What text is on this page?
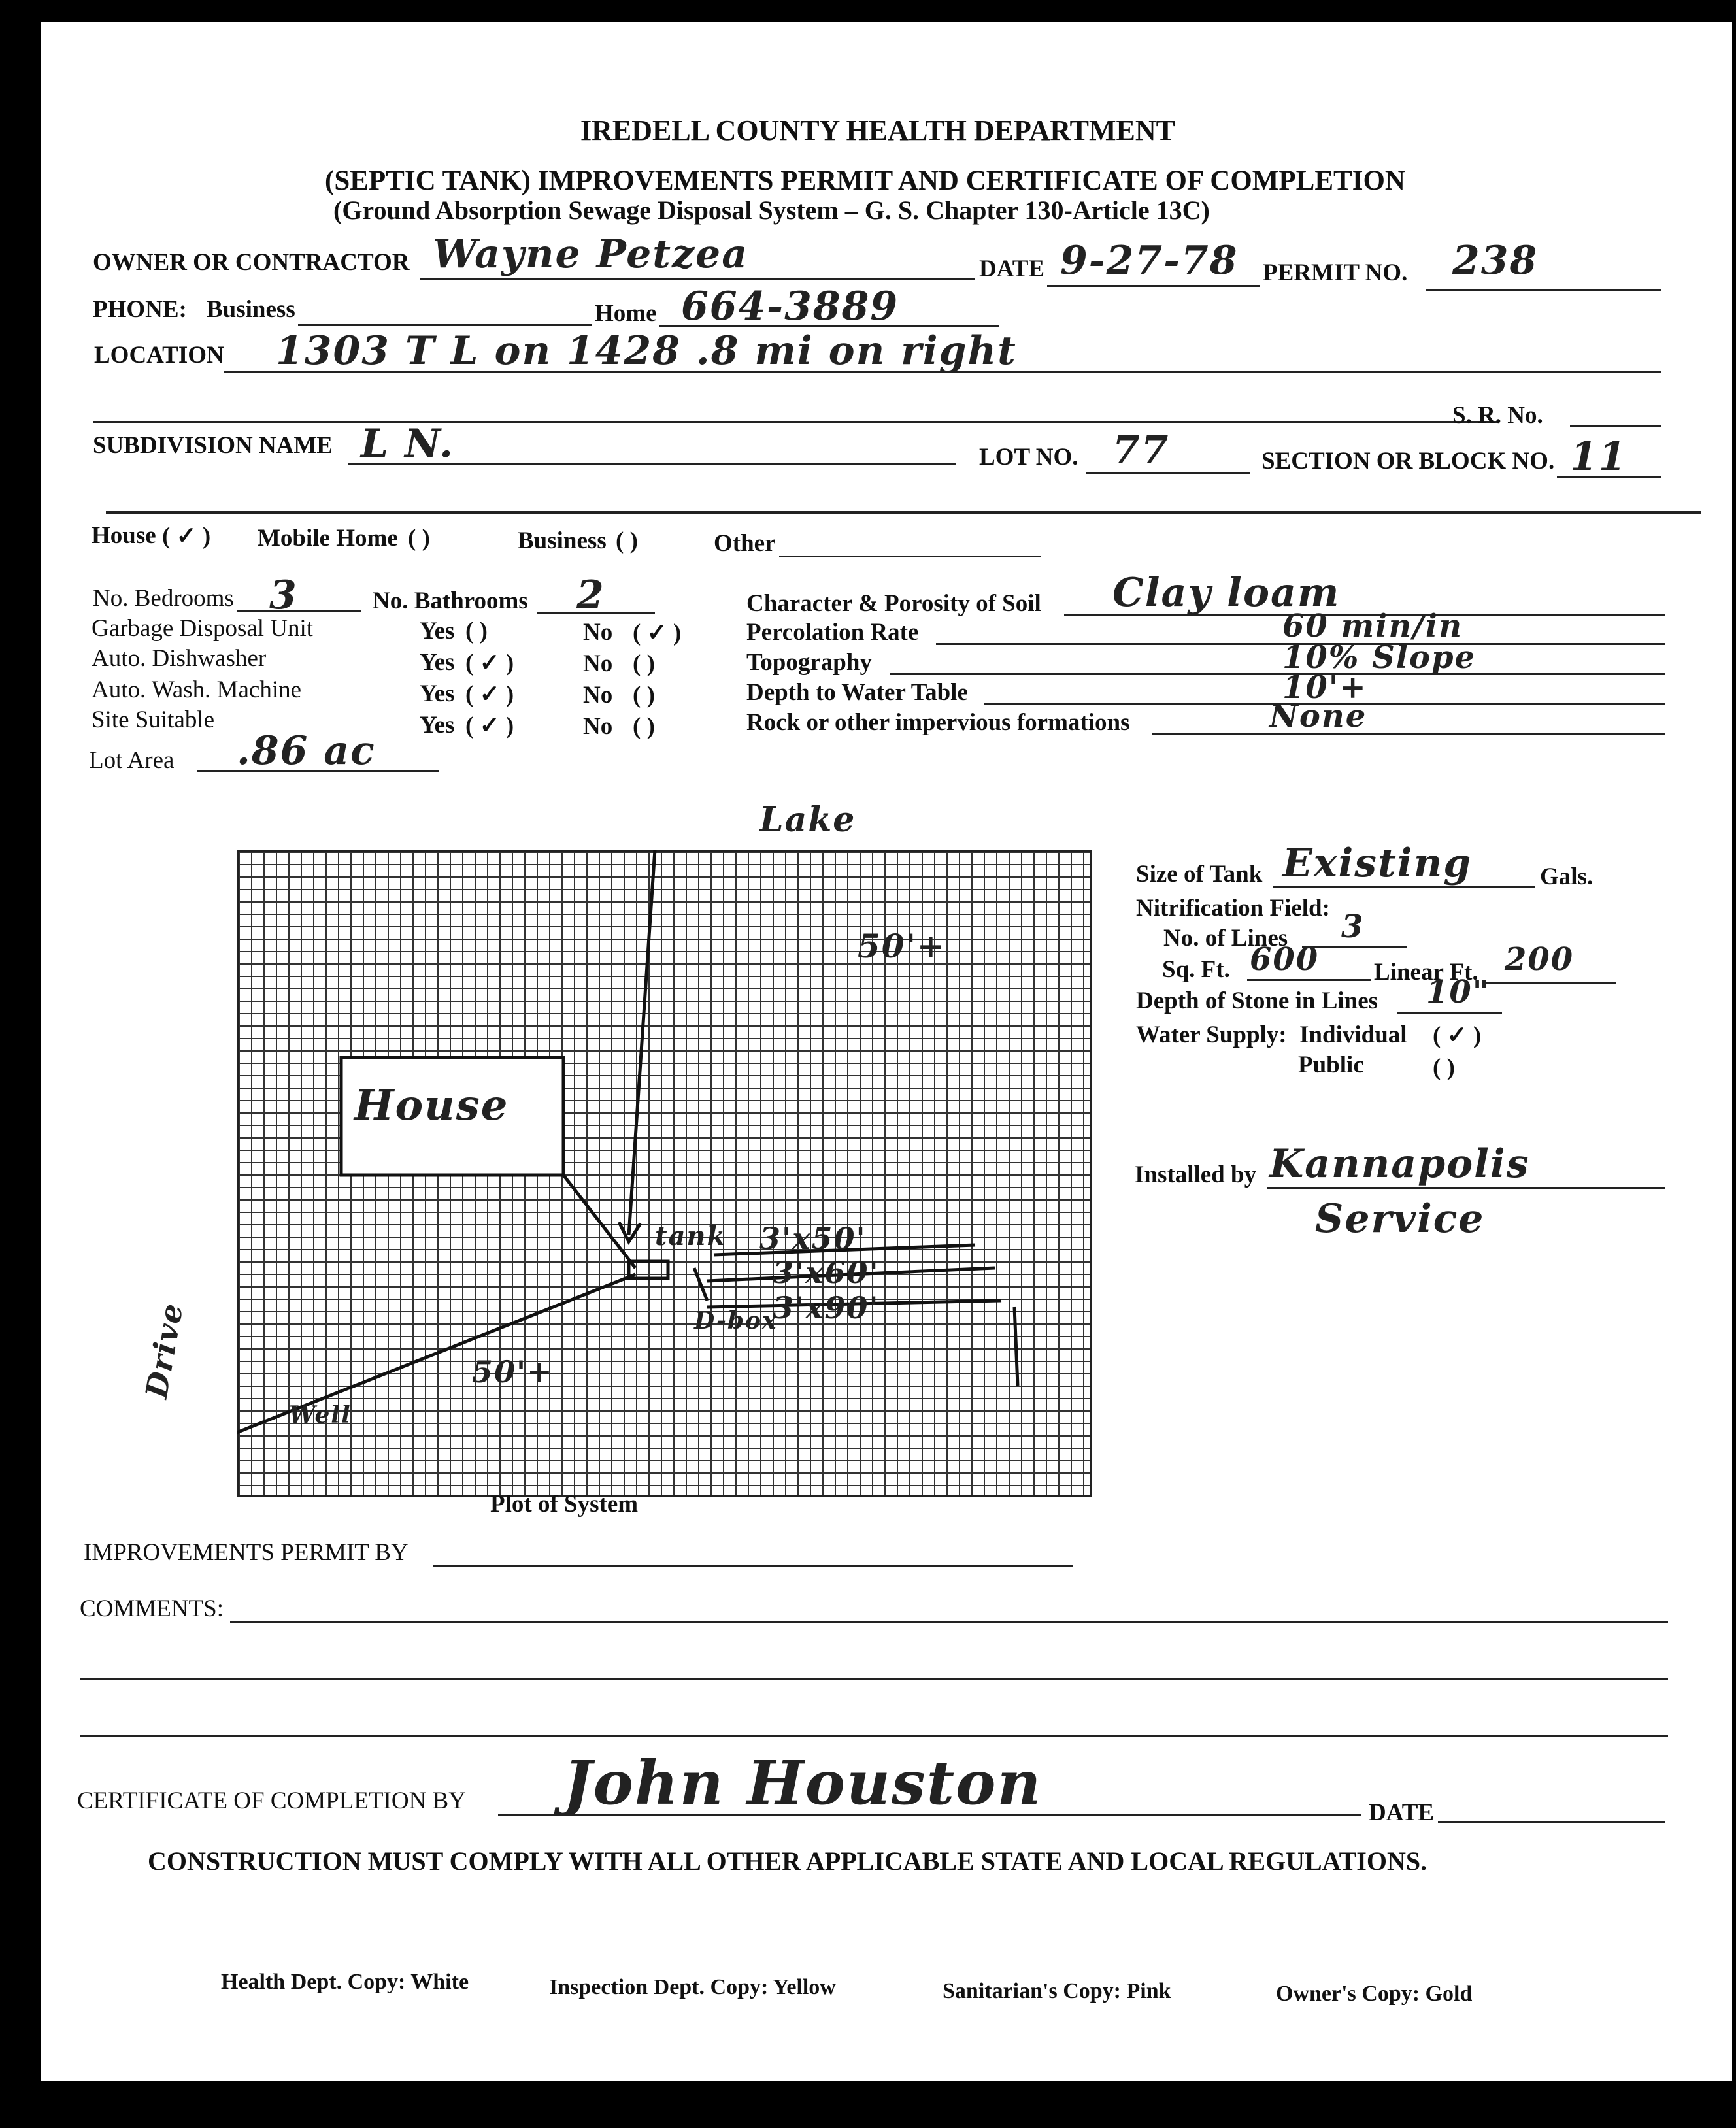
IREDELL COUNTY HEALTH DEPARTMENT
(SEPTIC TANK) IMPROVEMENTS PERMIT AND CERTIFICATE OF COMPLETION
(Ground Absorption Sewage Disposal System – G. S. Chapter 130-Article 13C)
OWNER OR CONTRACTOR Wayne Petzea	DATE 9-27-78 PERMIT NO. 238
PHONE: Business	Home 664-3889
LOCATION 1303 T L on 1428 .8 mi on right
S. R. No.
SUBDIVISION NAME L N.	LOT NO. 77	SECTION OR BLOCK NO. 11
House ( ✓ ) Mobile Home ( )	Business ( )	Other
No. Bedrooms 3	No. Bathrooms 2
Garbage Disposal Unit	Yes ( )	No ( ✓ )
Auto. Dishwasher	Yes ( ✓ )	No ( )
Auto. Wash. Machine	Yes ( ✓ )	No ( )
Site Suitable	Yes ( ✓ )	No ( )
Lot Area .86 ac
Character & Porosity of Soil Clay loam
Percolation Rate	60 min/in
Topography	10% Slope
Depth to Water Table	10'+
Rock or other impervious formations	None
Lake
50'+
House
tank
D-box
3'x50'
3'x60'
3'x90'
50'+
Well
Drive
Plot of System
Size of Tank Existing	Gals.
Nitrification Field:
No. of Lines 3
Sq. Ft. 600 Linear Ft. 200
Depth of Stone in Lines 10"
Water Supply: Individual ( ✓ )
Public	( )
Installed by Kannapolis
Service
IMPROVEMENTS PERMIT BY
COMMENTS:
CERTIFICATE OF COMPLETION BY John Houston	DATE
CONSTRUCTION MUST COMPLY WITH ALL OTHER APPLICABLE STATE AND LOCAL REGULATIONS.
Health Dept. Copy: White	Inspection Dept. Copy: Yellow	Sanitarian's Copy: Pink	Owner's Copy: Gold
